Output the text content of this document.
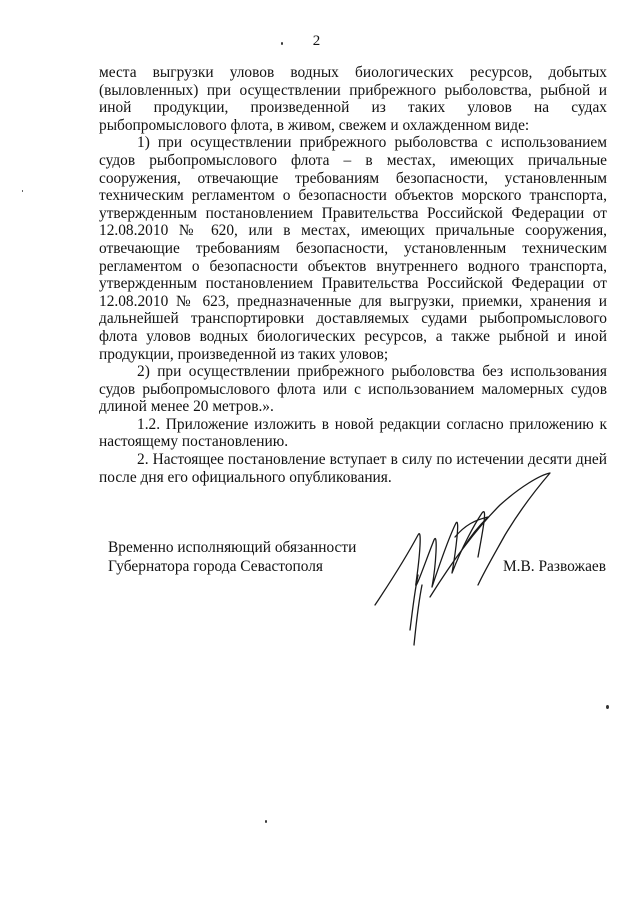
2

места выгрузки уловов водных биологических ресурсов, добытых (выловленных) при осуществлении прибрежного рыболовства, рыбной и иной продукции, произведенной из таких уловов на судах рыбопромыслового флота, в живом, свежем и охлажденном виде:

1) при осуществлении прибрежного рыболовства с использованием судов рыбопромыслового флота – в местах, имеющих причальные сооружения, отвечающие требованиям безопасности, установленным техническим регламентом о безопасности объектов морского транспорта, утвержденным постановлением Правительства Российской Федерации от 12.08.2010 № 620, или в местах, имеющих причальные сооружения, отвечающие требованиям безопасности, установленным техническим регламентом о безопасности объектов внутреннего водного транспорта, утвержденным постановлением Правительства Российской Федерации от 12.08.2010 № 623, предназначенные для выгрузки, приемки, хранения и дальнейшей транспортировки доставляемых судами рыбопромыслового флота уловов водных биологических ресурсов, а также рыбной и иной продукции, произведенной из таких уловов;

2) при осуществлении прибрежного рыболовства без использования судов рыбопромыслового флота или с использованием маломерных судов длиной менее 20 метров.».

1.2. Приложение изложить в новой редакции согласно приложению к настоящему постановлению.

2. Настоящее постановление вступает в силу по истечении десяти дней после дня его официального опубликования.

Временно исполняющий обязанности
Губернатора города Севастополя	М.В. Развожаев
